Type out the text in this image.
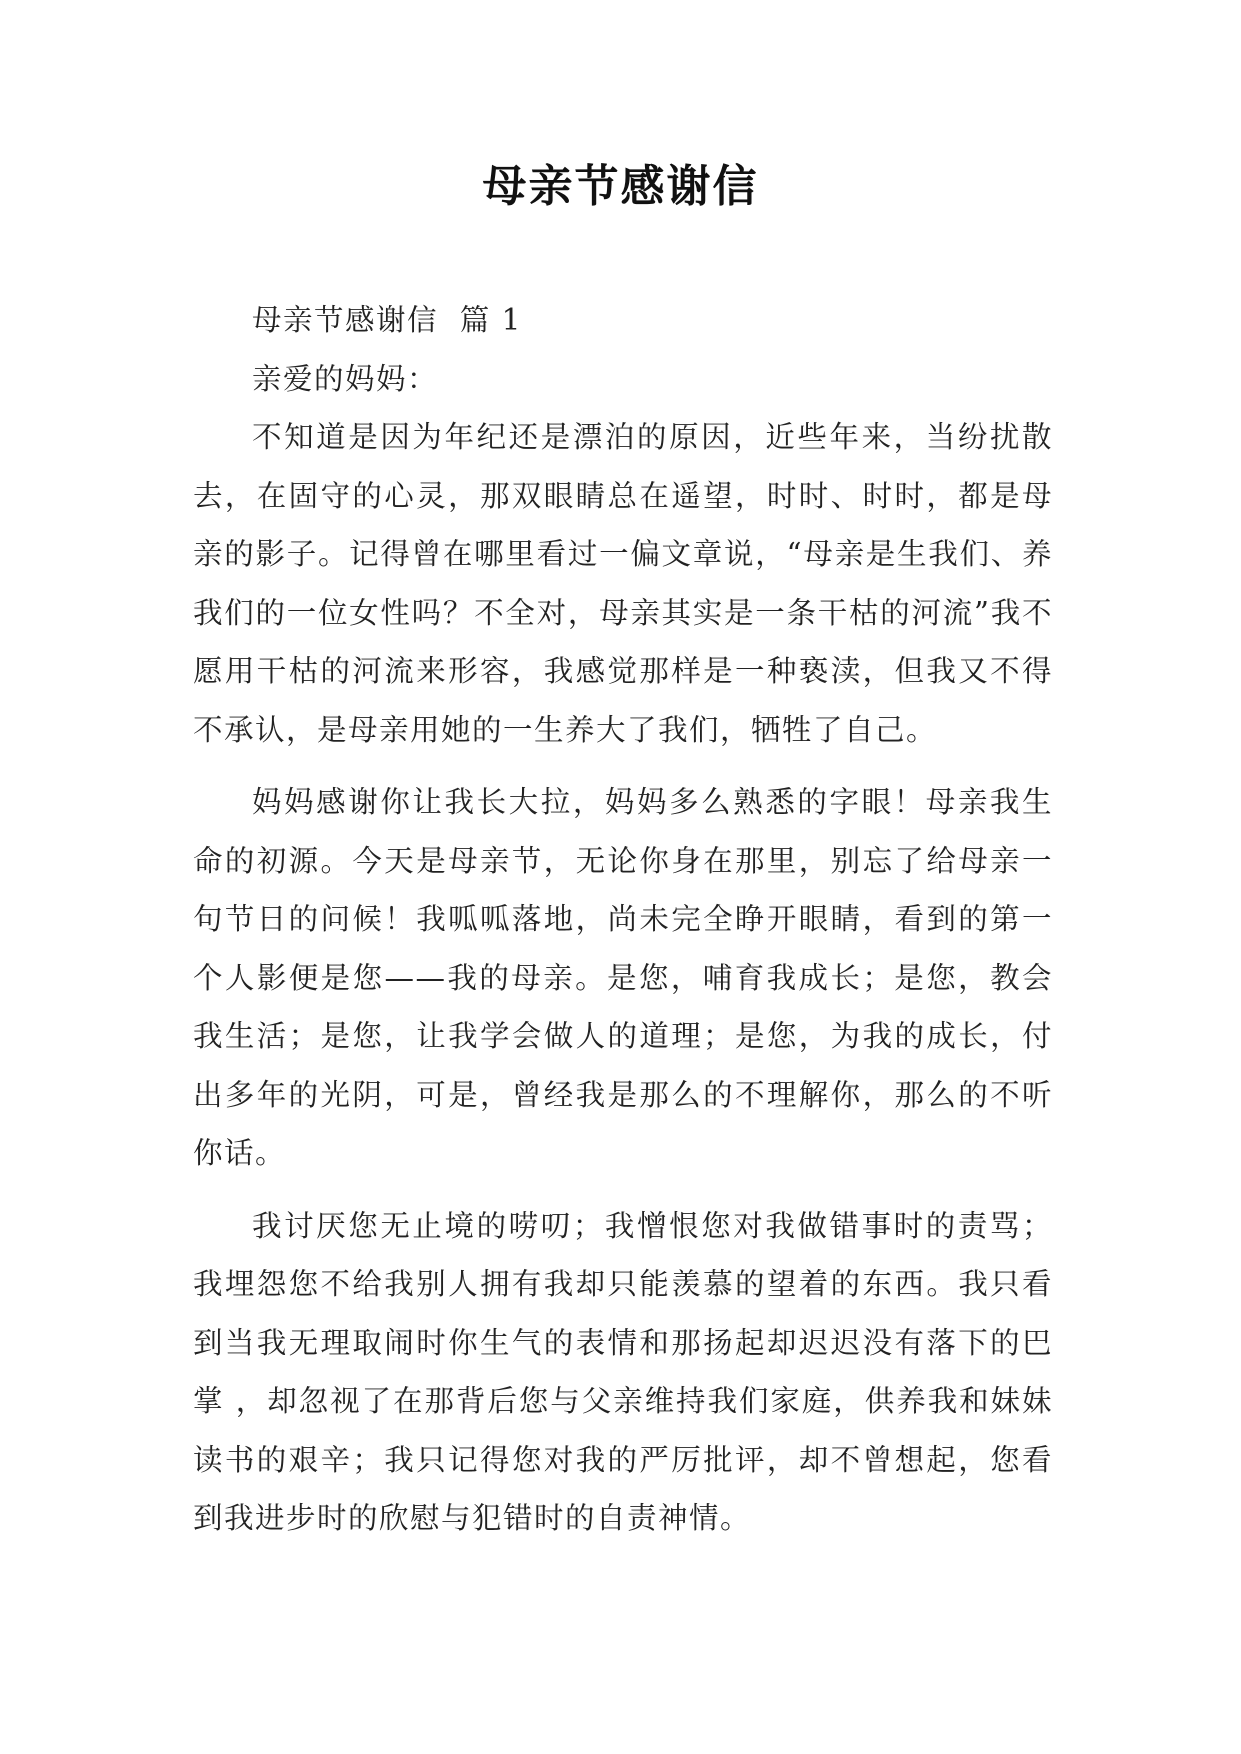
母亲节感谢信

母亲节感谢信  篇 1

亲爱的妈妈：

不知道是因为年纪还是漂泊的原因，近些年来，当纷扰散去，在固守的心灵，那双眼睛总在遥望，时时、时时，都是母亲的影子。记得曾在哪里看过一偏文章说，“母亲是生我们、养我们的一位女性吗？不全对，母亲其实是一条干枯的河流”我不愿用干枯的河流来形容，我感觉那样是一种亵渎，但我又不得不承认，是母亲用她的一生养大了我们，牺牲了自己。

妈妈感谢你让我长大拉，妈妈多么熟悉的字眼！母亲我生命的初源。今天是母亲节，无论你身在那里，别忘了给母亲一句节日的问候！我呱呱落地，尚未完全睁开眼睛，看到的第一个人影便是您——我的母亲。是您，哺育我成长；是您，教会我生活；是您，让我学会做人的道理；是您，为我的成长，付出多年的光阴，可是，曾经我是那么的不理解你，那么的不听你话。

我讨厌您无止境的唠叨；我憎恨您对我做错事时的责骂；我埋怨您不给我别人拥有我却只能羡慕的望着的东西。我只看到当我无理取闹时你生气的表情和那扬起却迟迟没有落下的巴掌 ，却忽视了在那背后您与父亲维持我们家庭，供养我和妹妹读书的艰辛；我只记得您对我的严厉批评，却不曾想起，您看到我进步时的欣慰与犯错时的自责神情。
